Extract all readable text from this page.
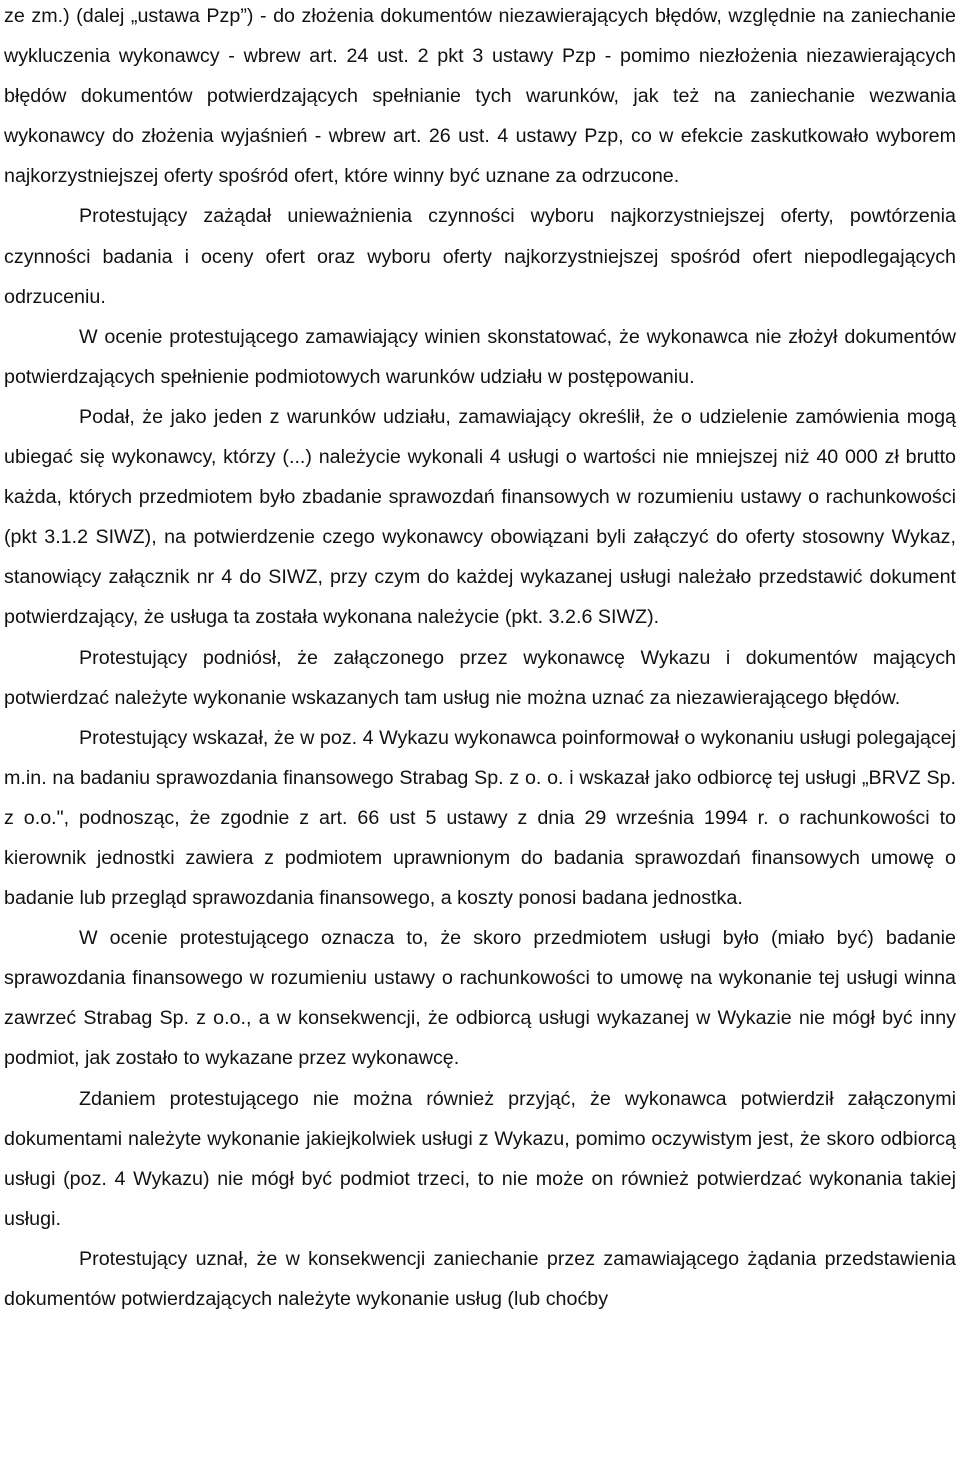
ze zm.) (dalej „ustawa Pzp”) - do złożenia dokumentów niezawierających błędów, względnie na zaniechanie wykluczenia wykonawcy - wbrew art. 24 ust. 2 pkt 3 ustawy Pzp - pomimo niezłożenia niezawierających błędów dokumentów potwierdzających spełnianie tych warunków, jak też na zaniechanie wezwania wykonawcy do złożenia wyjaśnień - wbrew art. 26 ust. 4 ustawy Pzp, co w efekcie zaskutkowało wyborem najkorzystniejszej oferty spośród ofert, które winny być uznane za odrzucone.

Protestujący zażądał unieważnienia czynności wyboru najkorzystniejszej oferty, powtórzenia czynności badania i oceny ofert oraz wyboru oferty najkorzystniejszej spośród ofert niepodlegających odrzuceniu.

W ocenie protestującego zamawiający winien skonstatować, że wykonawca nie złożył dokumentów potwierdzających spełnienie podmiotowych warunków udziału w postępowaniu.

Podał, że jako jeden z warunków udziału, zamawiający określił, że o udzielenie zamówienia mogą ubiegać się wykonawcy, którzy (...) należycie wykonali 4 usługi o wartości nie mniejszej niż 40 000 zł brutto każda, których przedmiotem było zbadanie sprawozdań finansowych w rozumieniu ustawy o rachunkowości (pkt 3.1.2 SIWZ), na potwierdzenie czego wykonawcy obowiązani byli załączyć do oferty stosowny Wykaz, stanowiący załącznik nr 4 do SIWZ, przy czym do każdej wykazanej usługi należało przedstawić dokument potwierdzający, że usługa ta została wykonana należycie (pkt. 3.2.6 SIWZ).

Protestujący podniósł, że załączonego przez wykonawcę Wykazu i dokumentów mających potwierdzać należyte wykonanie wskazanych tam usług nie można uznać za niezawierającego błędów.

Protestujący wskazał, że w poz. 4 Wykazu wykonawca poinformował o wykonaniu usługi polegającej m.in. na badaniu sprawozdania finansowego Strabag Sp. z o. o. i wskazał jako odbiorcę tej usługi „BRVZ Sp. z o.o.", podnosząc, że zgodnie z art. 66 ust 5 ustawy z dnia 29 września 1994 r. o rachunkowości to kierownik jednostki zawiera z podmiotem uprawnionym do badania sprawozdań finansowych umowę o badanie lub przegląd sprawozdania finansowego, a koszty ponosi badana jednostka.

W ocenie protestującego oznacza to, że skoro przedmiotem usługi było (miało być) badanie sprawozdania finansowego w rozumieniu ustawy o rachunkowości to umowę na wykonanie tej usługi winna zawrzeć Strabag Sp. z o.o., a w konsekwencji, że odbiorcą usługi wykazanej w Wykazie nie mógł być inny podmiot, jak zostało to wykazane przez wykonawcę.

Zdaniem protestującego nie można również przyjąć, że wykonawca potwierdził załączonymi dokumentami należyte wykonanie jakiejkolwiek usługi z Wykazu, pomimo oczywistym jest, że skoro odbiorcą usługi (poz. 4 Wykazu) nie mógł być podmiot trzeci, to nie może on również potwierdzać wykonania takiej usługi.

Protestujący uznał, że w konsekwencji zaniechanie przez zamawiającego żądania przedstawienia dokumentów potwierdzających należyte wykonanie usług (lub choćby
